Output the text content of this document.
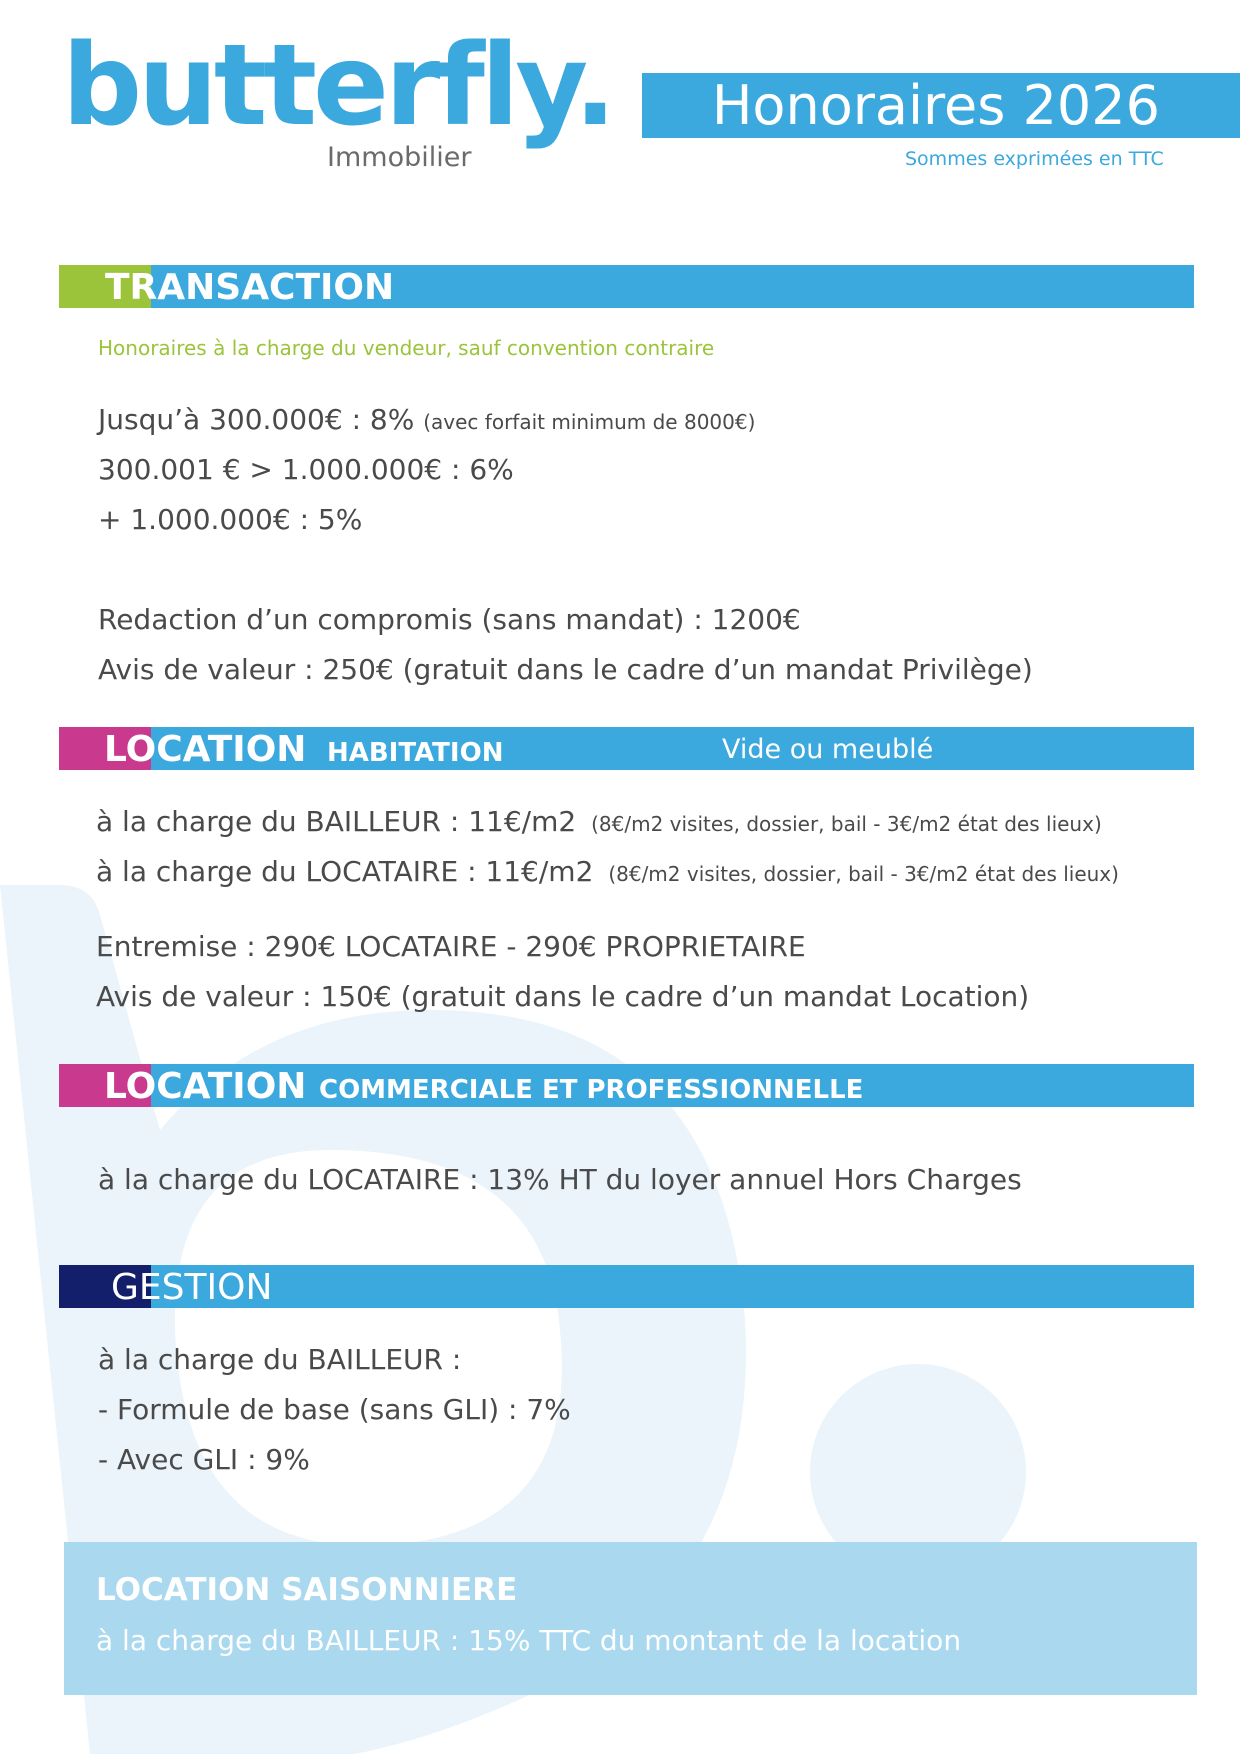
butterfly.
Immobilier
Honoraires 2026
Sommes exprimées en TTC
TRANSACTION
Honoraires à la charge du vendeur, sauf convention contraire
Jusqu’à 300.000€ : 8% (avec forfait minimum de 8000€)
300.001 € > 1.000.000€ : 6%
+ 1.000.000€ : 5%
Redaction d’un compromis (sans mandat) : 1200€
Avis de valeur : 250€ (gratuit dans le cadre d’un mandat Privilège)
LOCATION HABITATION	Vide ou meublé
à la charge du BAILLEUR : 11€/m2 (8€/m2 visites, dossier, bail - 3€/m2 état des lieux)
à la charge du LOCATAIRE : 11€/m2 (8€/m2 visites, dossier, bail - 3€/m2 état des lieux)
Entremise : 290€ LOCATAIRE - 290€ PROPRIETAIRE
Avis de valeur : 150€ (gratuit dans le cadre d’un mandat Location)
LOCATION COMMERCIALE ET PROFESSIONNELLE
à la charge du LOCATAIRE : 13% HT du loyer annuel Hors Charges
GESTION
à la charge du BAILLEUR :
- Formule de base (sans GLI) : 7%
- Avec GLI : 9%
LOCATION SAISONNIERE
à la charge du BAILLEUR : 15% TTC du montant de la location
